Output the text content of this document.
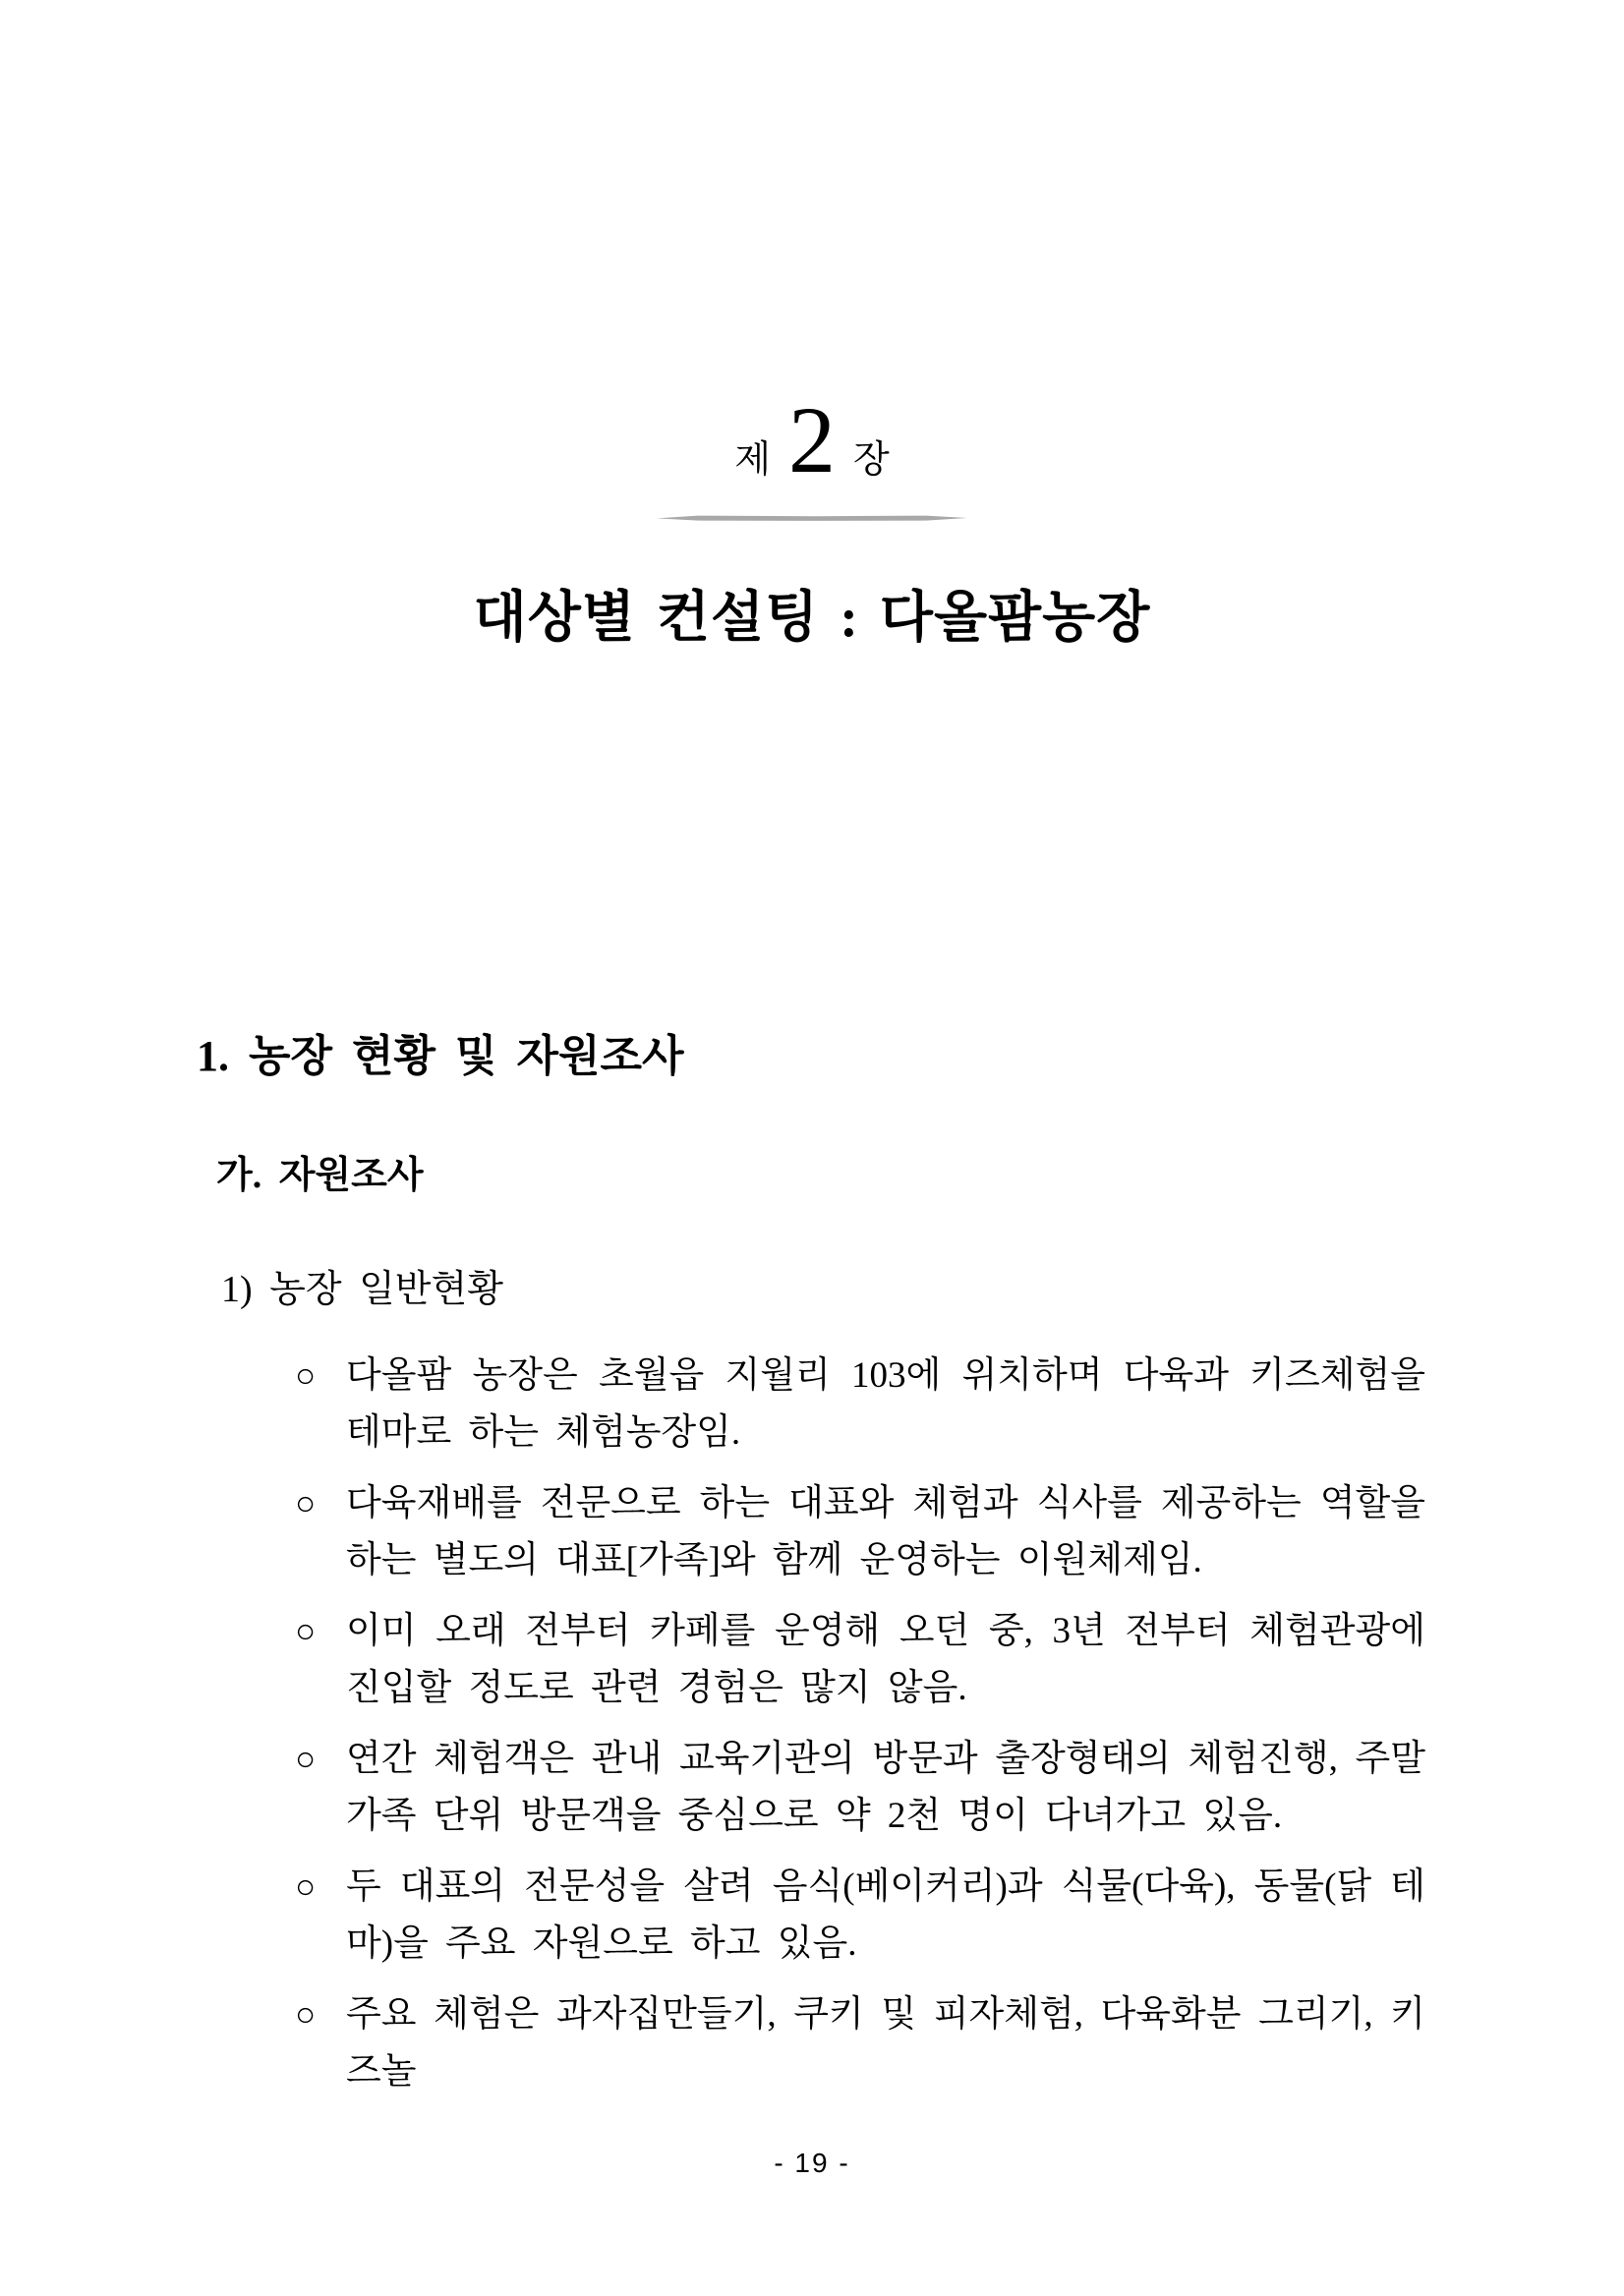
제 2 장
대상별 컨설팅 : 다올팜농장
1. 농장 현황 및 자원조사
가. 자원조사
1) 농장 일반현황
○ 다올팜 농장은 초월읍 지월리 103에 위치하며 다육과 키즈체험을 테마로 하는 체험농장임.
○ 다육재배를 전문으로 하는 대표와 체험과 식사를 제공하는 역할을 하는 별도의 대표[가족]와 함께 운영하는 이원체제임.
○ 이미 오래 전부터 카페를 운영해 오던 중, 3년 전부터 체험관광에 진입할 정도로 관련 경험은 많지 않음.
○ 연간 체험객은 관내 교육기관의 방문과 출장형태의 체험진행, 주말 가족 단위 방문객을 중심으로 약 2천 명이 다녀가고 있음.
○ 두 대표의 전문성을 살려 음식(베이커리)과 식물(다육), 동물(닭 테마)을 주요 자원으로 하고 있음.
○ 주요 체험은 과자집만들기, 쿠키 및 피자체험, 다육화분 그리기, 키즈놀
- 19 -
